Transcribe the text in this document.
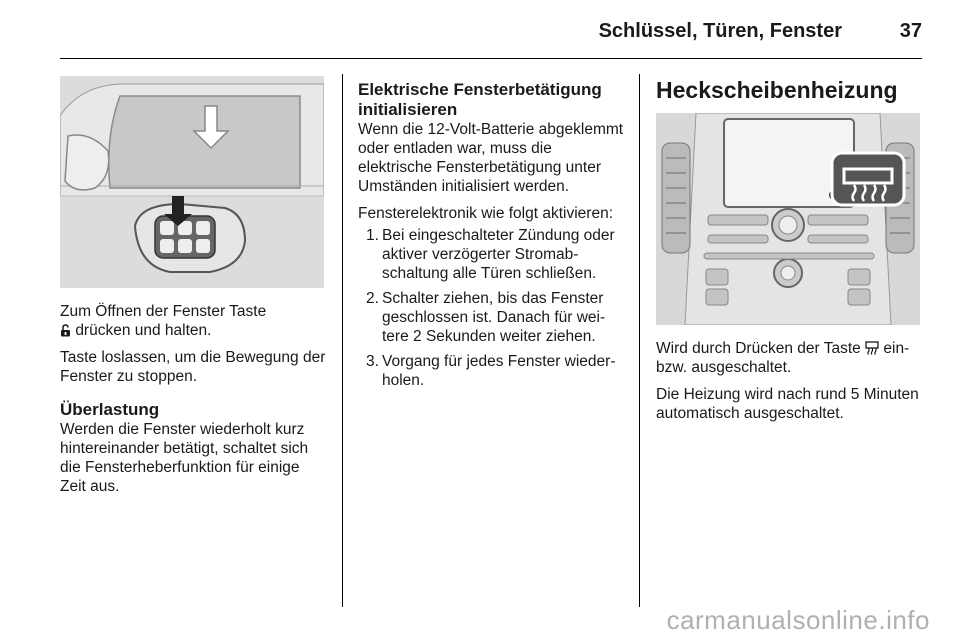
Schlüssel, Türen, Fenster	37

Zum Öffnen der Fenster Taste
drücken und halten.

Taste loslassen, um die Bewegung der Fenster zu stoppen.

Überlastung

Werden die Fenster wiederholt kurz hintereinander betätigt, schaltet sich die Fensterheberfunktion für einige Zeit aus.

Elektrische Fensterbetätigung initialisieren

Wenn die 12-Volt-Batterie abgeklemmt oder entladen war, muss die elektrische Fensterbetätigung unter Umständen initialisiert werden.

Fensterelektronik wie folgt aktivieren:

1. Bei eingeschalteter Zündung oder aktiver verzögerter Stromabschaltung alle Türen schließen.
2. Schalter ziehen, bis das Fenster geschlossen ist. Danach für weitere 2 Sekunden weiter ziehen.
3. Vorgang für jedes Fenster wiederholen.
Heckscheibenheizung

Wird durch Drücken der Taste ein- bzw. ausgeschaltet.

Die Heizung wird nach rund 5 Minuten automatisch ausgeschaltet.

carmanualsonline.info
